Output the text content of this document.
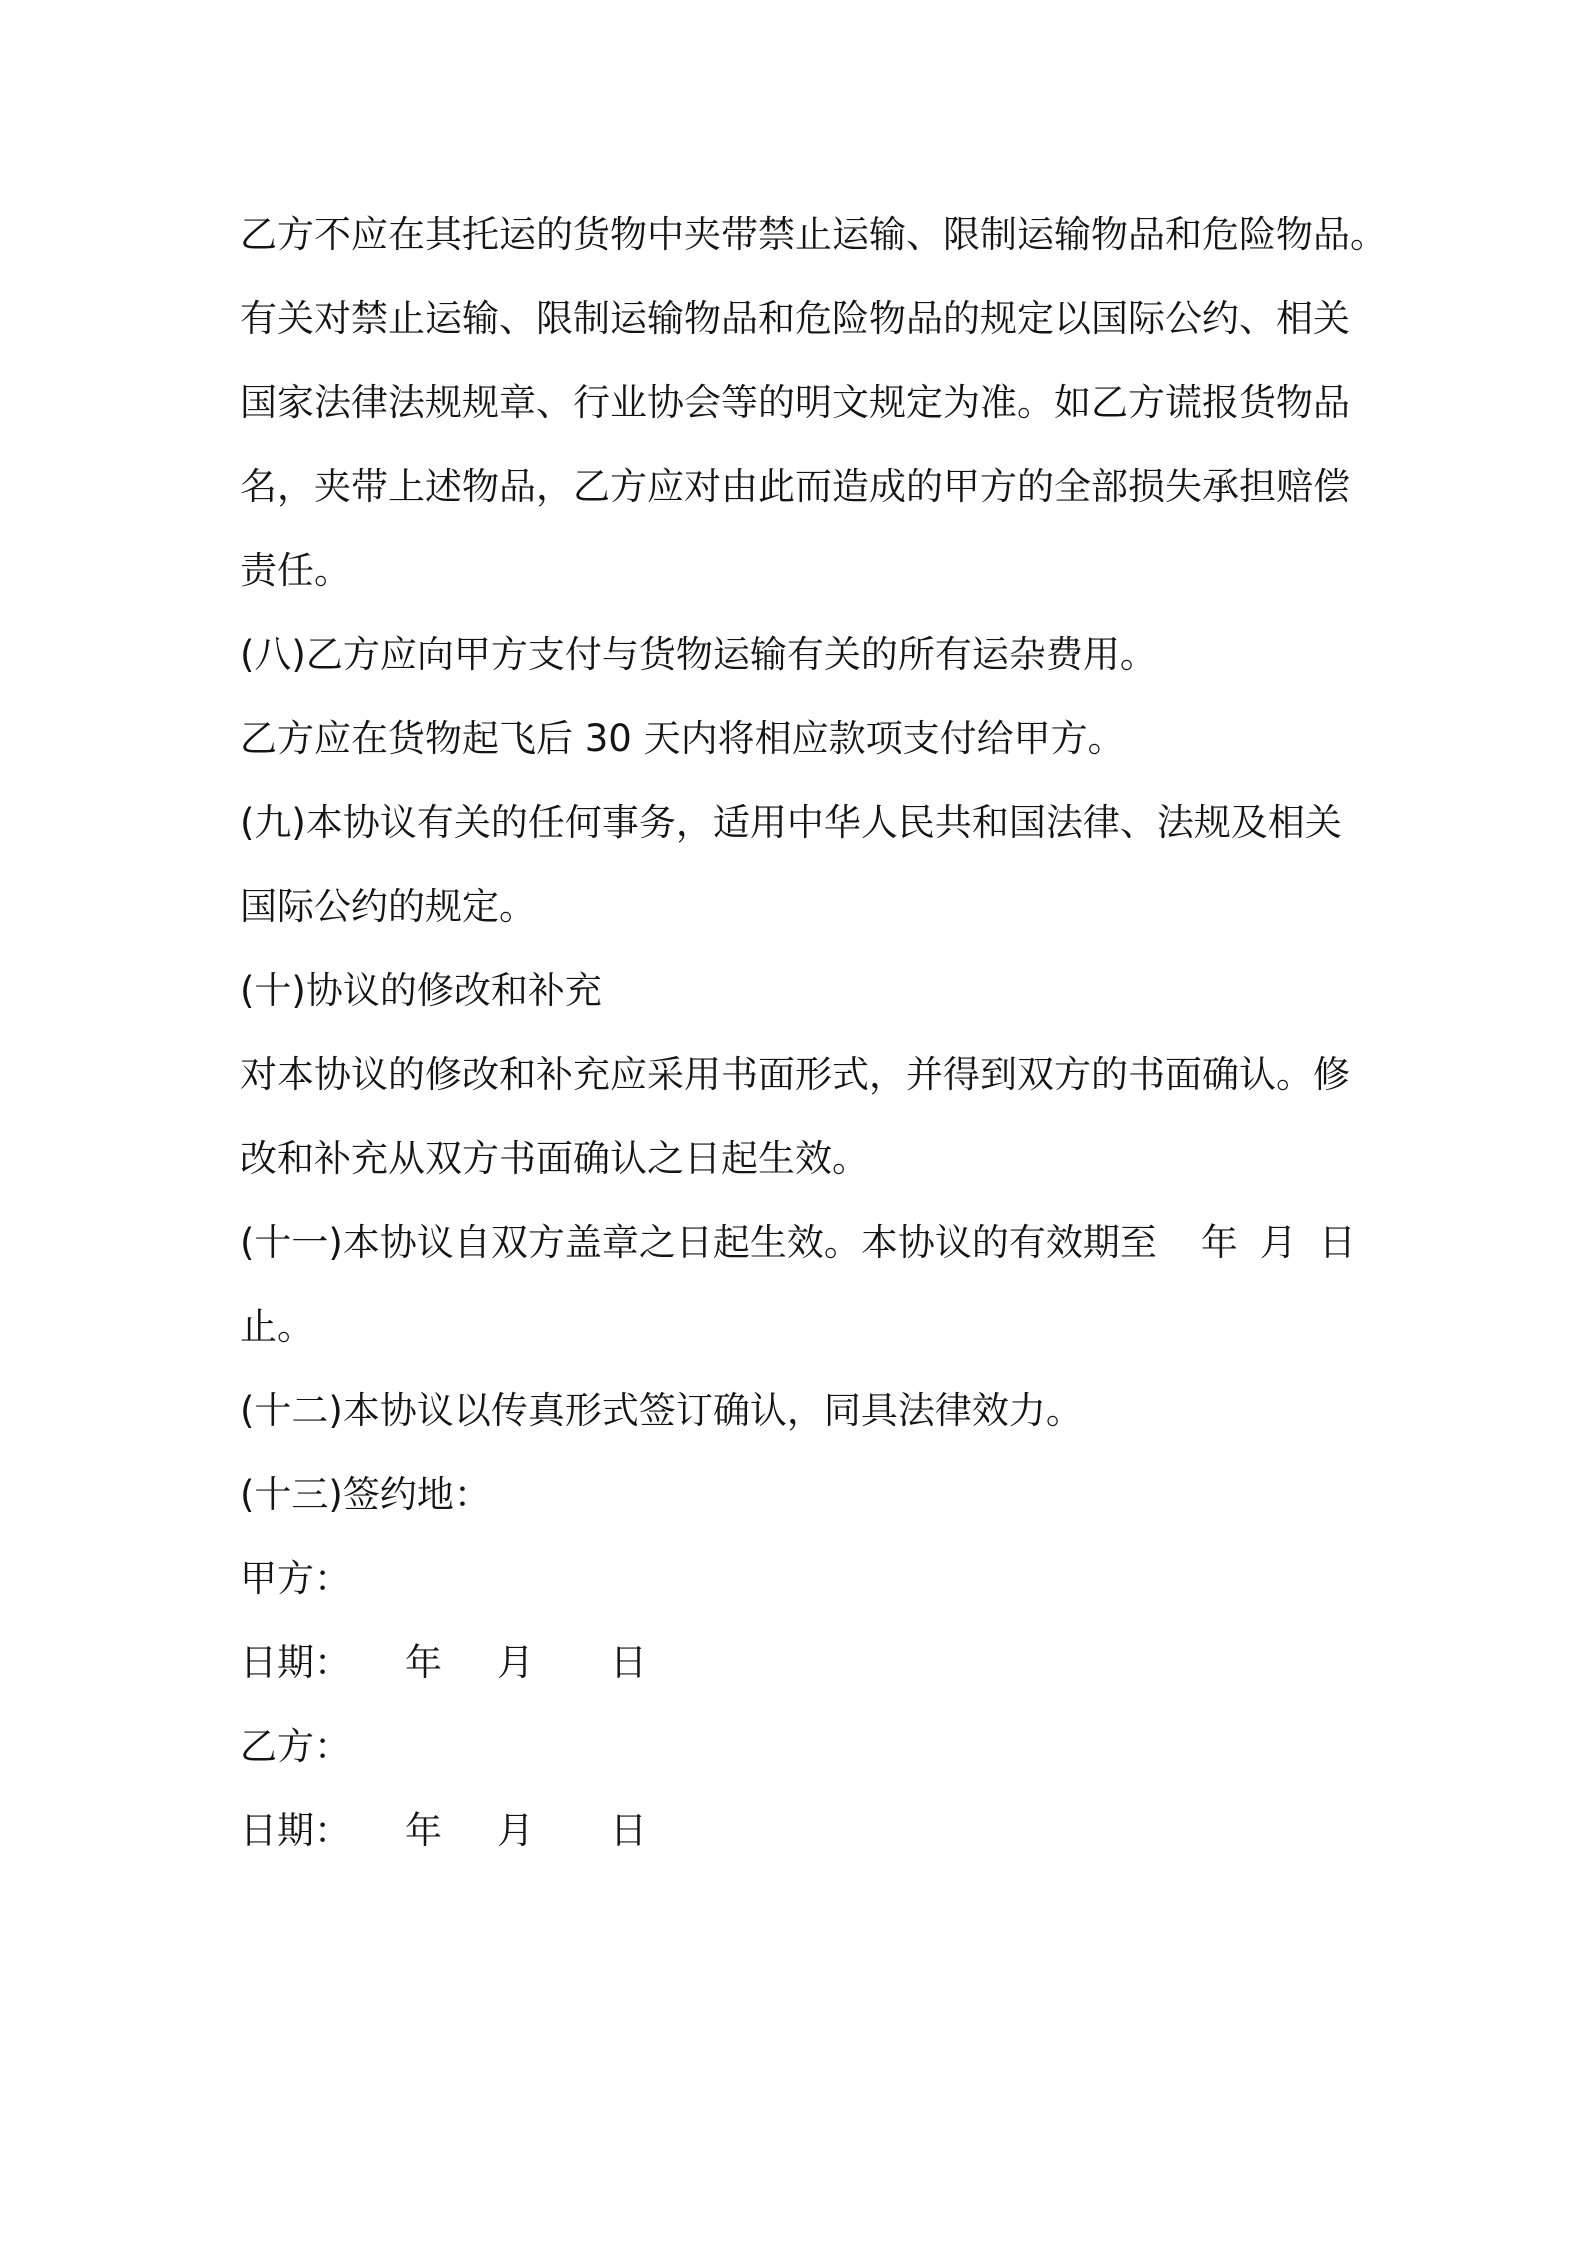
乙方不应在其托运的货物中夹带禁止运输、限制运输物品和危险物品。
有关对禁止运输、限制运输物品和危险物品的规定以国际公约、相关
国家法律法规规章、行业协会等的明文规定为准。如乙方谎报货物品
名，夹带上述物品，乙方应对由此而造成的甲方的全部损失承担赔偿
责任。
(八)乙方应向甲方支付与货物运输有关的所有运杂费用。
乙方应在货物起飞后 30 天内将相应款项支付给甲方。
(九)本协议有关的任何事务，适用中华人民共和国法律、法规及相关
国际公约的规定。
(十)协议的修改和补充
对本协议的修改和补充应采用书面形式，并得到双方的书面确认。修
改和补充从双方书面确认之日起生效。
(十一)本协议自双方盖章之日起生效。本协议的有效期至 年 月 日
止。
(十二)本协议以传真形式签订确认，同具法律效力。
(十三)签约地：
甲方：
日期： 年 月 日
乙方：
日期： 年 月 日
